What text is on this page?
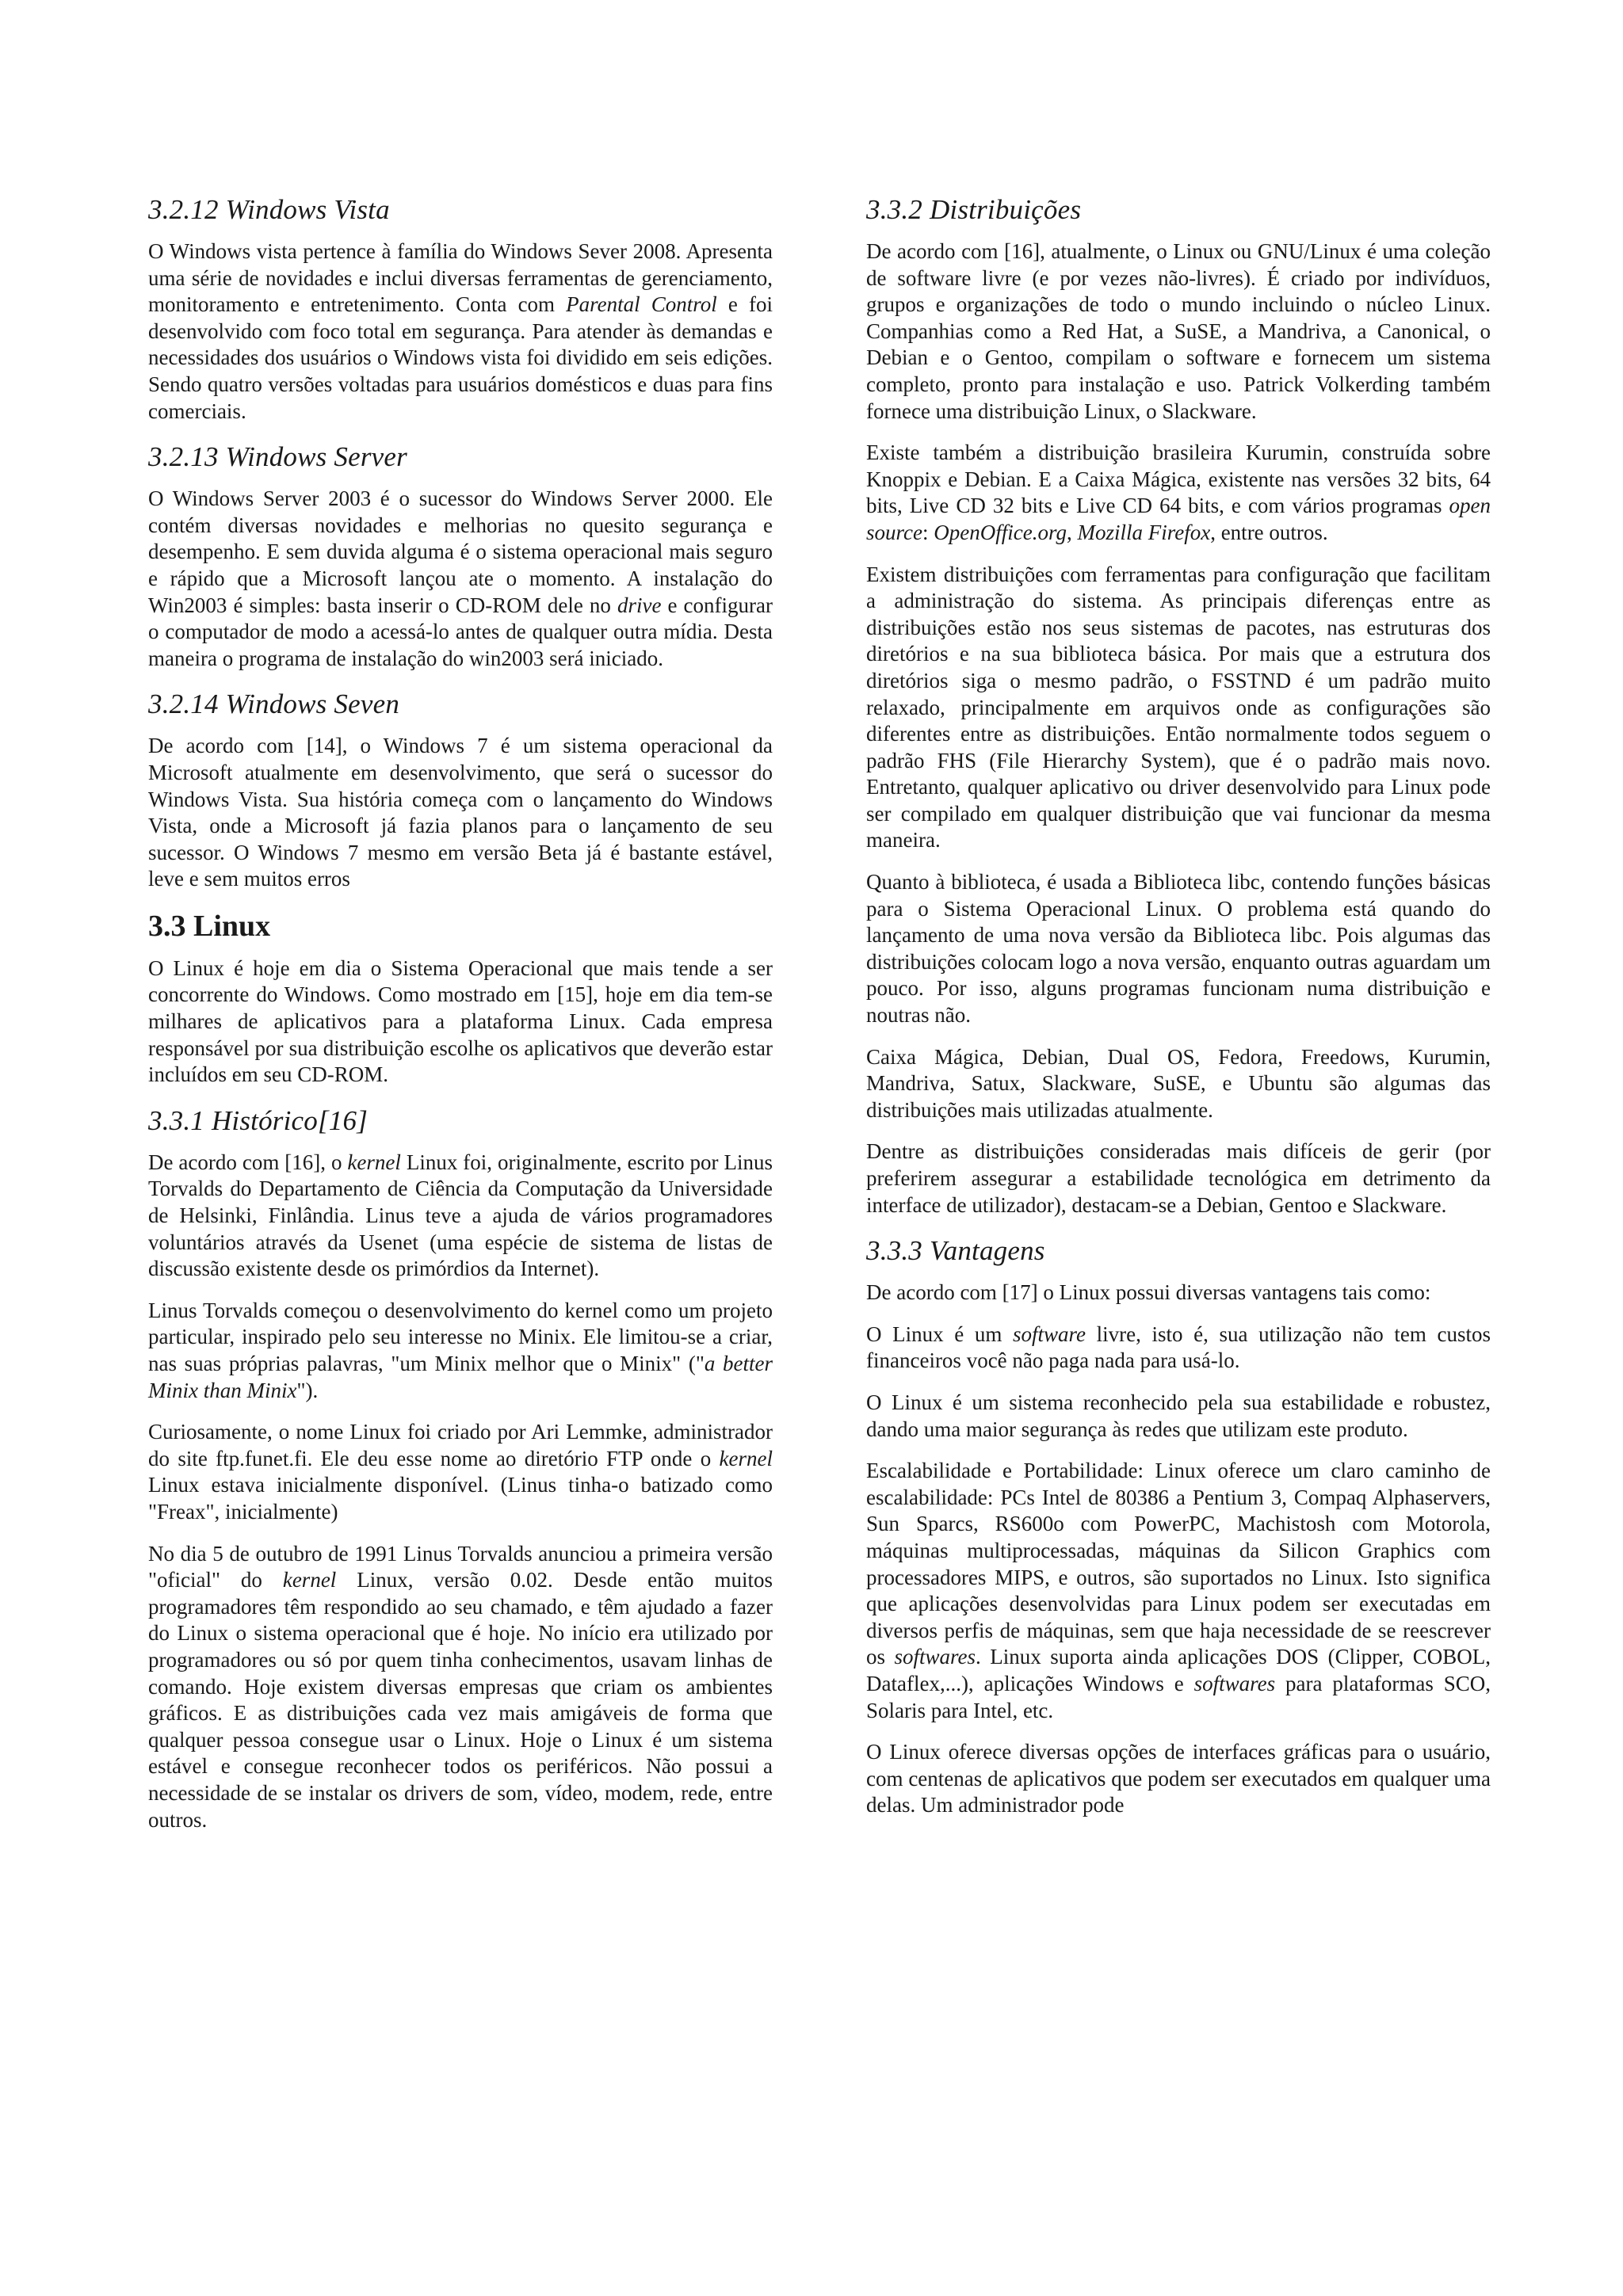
3.2.12 Windows Vista

O Windows vista pertence à família do Windows Sever 2008. Apresenta uma série de novidades e inclui diversas ferramentas de gerenciamento, monitoramento e entretenimento. Conta com Parental Control e foi desenvolvido com foco total em segurança. Para atender às demandas e necessidades dos usuários o Windows vista foi dividido em seis edições. Sendo quatro versões voltadas para usuários domésticos e duas para fins comerciais.

3.2.13 Windows Server

O Windows Server 2003 é o sucessor do Windows Server 2000. Ele contém diversas novidades e melhorias no quesito segurança e desempenho. E sem duvida alguma é o sistema operacional mais seguro e rápido que a Microsoft lançou ate o momento. A instalação do Win2003 é simples: basta inserir o CD-ROM dele no drive e configurar o computador de modo a acessá-lo antes de qualquer outra mídia. Desta maneira o programa de instalação do win2003 será iniciado.

3.2.14 Windows Seven

De acordo com [14], o Windows 7 é um sistema operacional da Microsoft atualmente em desenvolvimento, que será o sucessor do Windows Vista. Sua história começa com o lançamento do Windows Vista, onde a Microsoft já fazia planos para o lançamento de seu sucessor. O Windows 7 mesmo em versão Beta já é bastante estável, leve e sem muitos erros

3.3 Linux

O Linux é hoje em dia o Sistema Operacional que mais tende a ser concorrente do Windows. Como mostrado em [15], hoje em dia tem-se milhares de aplicativos para a plataforma Linux. Cada empresa responsável por sua distribuição escolhe os aplicativos que deverão estar incluídos em seu CD-ROM.

3.3.1 Histórico[16]

De acordo com [16], o kernel Linux foi, originalmente, escrito por Linus Torvalds do Departamento de Ciência da Computação da Universidade de Helsinki, Finlândia. Linus teve a ajuda de vários programadores voluntários através da Usenet (uma espécie de sistema de listas de discussão existente desde os primórdios da Internet).

Linus Torvalds começou o desenvolvimento do kernel como um projeto particular, inspirado pelo seu interesse no Minix. Ele limitou-se a criar, nas suas próprias palavras, "um Minix melhor que o Minix" ("a better Minix than Minix").

Curiosamente, o nome Linux foi criado por Ari Lemmke, administrador do site ftp.funet.fi. Ele deu esse nome ao diretório FTP onde o kernel Linux estava inicialmente disponível. (Linus tinha-o batizado como "Freax", inicialmente)

No dia 5 de outubro de 1991 Linus Torvalds anunciou a primeira versão "oficial" do kernel Linux, versão 0.02. Desde então muitos programadores têm respondido ao seu chamado, e têm ajudado a fazer do Linux o sistema operacional que é hoje. No início era utilizado por programadores ou só por quem tinha conhecimentos, usavam linhas de comando. Hoje existem diversas empresas que criam os ambientes gráficos. E as distribuições cada vez mais amigáveis de forma que qualquer pessoa consegue usar o Linux. Hoje o Linux é um sistema estável e consegue reconhecer todos os periféricos. Não possui a necessidade de se instalar os drivers de som, vídeo, modem, rede, entre outros.

3.3.2 Distribuições

De acordo com [16], atualmente, o Linux ou GNU/Linux é uma coleção de software livre (e por vezes não-livres). É criado por indivíduos, grupos e organizações de todo o mundo incluindo o núcleo Linux. Companhias como a Red Hat, a SuSE, a Mandriva, a Canonical, o Debian e o Gentoo, compilam o software e fornecem um sistema completo, pronto para instalação e uso. Patrick Volkerding também fornece uma distribuição Linux, o Slackware.

Existe também a distribuição brasileira Kurumin, construída sobre Knoppix e Debian. E a Caixa Mágica, existente nas versões 32 bits, 64 bits, Live CD 32 bits e Live CD 64 bits, e com vários programas open source: OpenOffice.org, Mozilla Firefox, entre outros.

Existem distribuições com ferramentas para configuração que facilitam a administração do sistema. As principais diferenças entre as distribuições estão nos seus sistemas de pacotes, nas estruturas dos diretórios e na sua biblioteca básica. Por mais que a estrutura dos diretórios siga o mesmo padrão, o FSSTND é um padrão muito relaxado, principalmente em arquivos onde as configurações são diferentes entre as distribuições. Então normalmente todos seguem o padrão FHS (File Hierarchy System), que é o padrão mais novo. Entretanto, qualquer aplicativo ou driver desenvolvido para Linux pode ser compilado em qualquer distribuição que vai funcionar da mesma maneira.

Quanto à biblioteca, é usada a Biblioteca libc, contendo funções básicas para o Sistema Operacional Linux. O problema está quando do lançamento de uma nova versão da Biblioteca libc. Pois algumas das distribuições colocam logo a nova versão, enquanto outras aguardam um pouco. Por isso, alguns programas funcionam numa distribuição e noutras não.

Caixa Mágica, Debian, Dual OS, Fedora, Freedows, Kurumin, Mandriva, Satux, Slackware, SuSE, e Ubuntu são algumas das distribuições mais utilizadas atualmente.

Dentre as distribuições consideradas mais difíceis de gerir (por preferirem assegurar a estabilidade tecnológica em detrimento da interface de utilizador), destacam-se a Debian, Gentoo e Slackware.

3.3.3 Vantagens

De acordo com [17] o Linux possui diversas vantagens tais como:

O Linux é um software livre, isto é, sua utilização não tem custos financeiros você não paga nada para usá-lo.

O Linux é um sistema reconhecido pela sua estabilidade e robustez, dando uma maior segurança às redes que utilizam este produto.

Escalabilidade e Portabilidade: Linux oferece um claro caminho de escalabilidade: PCs Intel de 80386 a Pentium 3, Compaq Alphaservers, Sun Sparcs, RS600o com PowerPC, Machistosh com Motorola, máquinas multiprocessadas, máquinas da Silicon Graphics com processadores MIPS, e outros, são suportados no Linux. Isto significa que aplicações desenvolvidas para Linux podem ser executadas em diversos perfis de máquinas, sem que haja necessidade de se reescrever os softwares. Linux suporta ainda aplicações DOS (Clipper, COBOL, Dataflex,...), aplicações Windows e softwares para plataformas SCO, Solaris para Intel, etc.

O Linux oferece diversas opções de interfaces gráficas para o usuário, com centenas de aplicativos que podem ser executados em qualquer uma delas. Um administrador pode
